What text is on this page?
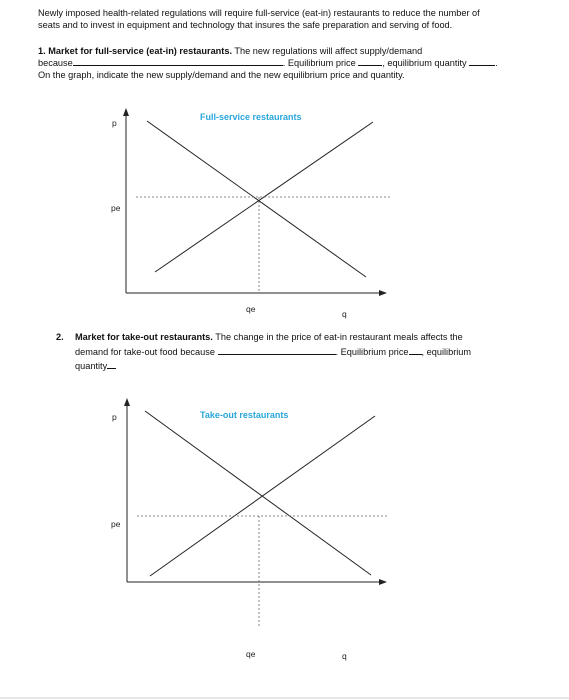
Newly imposed health-related regulations will require full-service (eat-in) restaurants to reduce the number of
seats and to invest in equipment and technology that insures the safe preparation and serving of food.
1. Market for full-service (eat-in) restaurants. The new regulations will affect supply/demand
because	. Equilibrium price	, equilibrium quantity	.
On the graph, indicate the new supply/demand and the new equilibrium price and quantity.
p
pe
Full-service restaurants
qe	q
2. Market for take-out restaurants. The change in the price of eat-in restaurant meals affects the
demand for take-out food because	. Equilibrium price , equilibrium
quantity
p
pe
Take-out restaurants
qe	q
